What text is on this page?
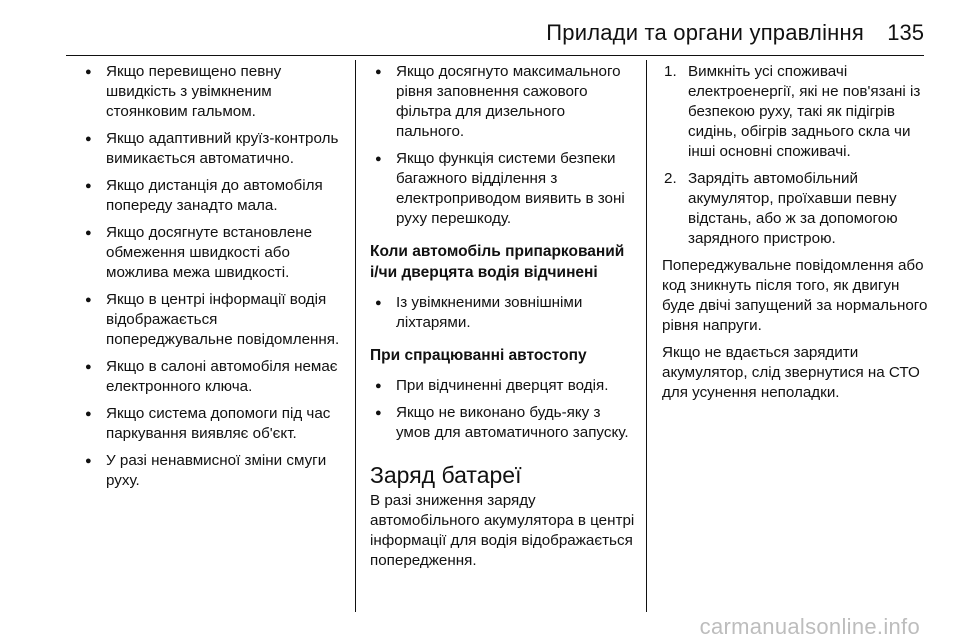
Прилади та органи управління 135
● Якщо перевищено певну швидкість з увімкненим стоянковим гальмом.
● Якщо адаптивний круїз-контроль вимикається автоматично.
● Якщо дистанція до автомобіля попереду занадто мала.
● Якщо досягнуте встановлене обмеження швидкості або можлива межа швидкості.
● Якщо в центрі інформації водія відображається попереджувальне повідомлення.
● Якщо в салоні автомобіля немає електронного ключа.
● Якщо система допомоги під час паркування виявляє об'єкт.
● У разі ненавмисної зміни смуги руху.
● Якщо досягнуто максимального рівня заповнення сажового фільтра для дизельного пального.
● Якщо функція системи безпеки багажного відділення з електроприводом виявить в зоні руху перешкоду.
Коли автомобіль припаркований і/чи дверцята водія відчинені
● Із увімкненими зовнішніми ліхтарями.
При спрацюванні автостопу
● При відчиненні дверцят водія.
● Якщо не виконано будь-яку з умов для автоматичного запуску.
Заряд батареї

В разі зниження заряду автомобільного акумулятора в центрі інформації для водія відображається попередження.

1. Вимкніть усі споживачі електроенергії, які не пов'язані із безпекою руху, такі як підігрів сидінь, обігрів заднього скла чи інші основні споживачі.
2. Зарядіть автомобільний акумулятор, проїхавши певну відстань, або ж за допомогою зарядного пристрою.

Попереджувальне повідомлення або код зникнуть після того, як двигун буде двічі запущений за нормального рівня напруги.

Якщо не вдається зарядити акумулятор, слід звернутися на СТО для усунення неполадки.

carmanualsonline.info
